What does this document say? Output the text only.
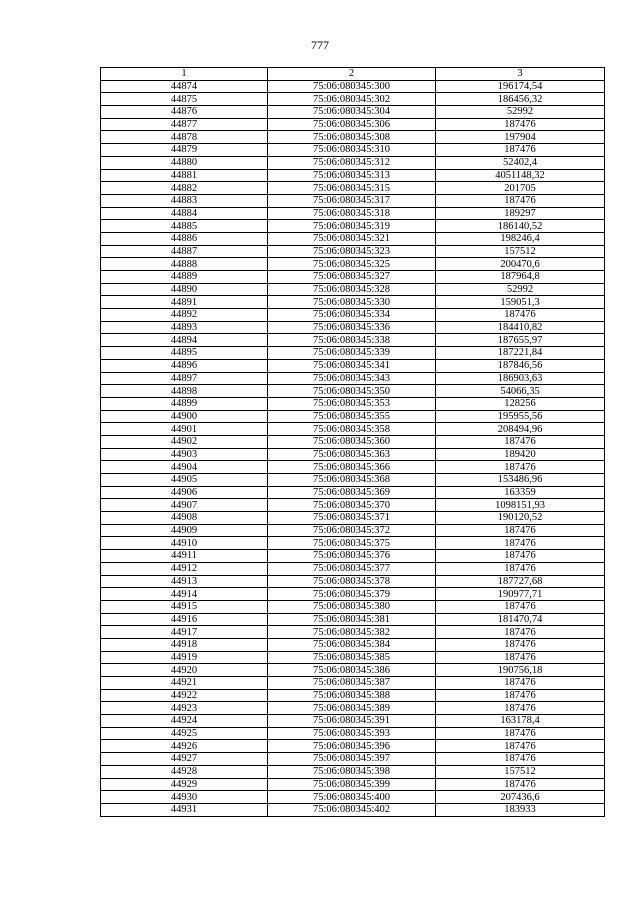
777
1	2	3
44874	75:06:080345:300	196174,54
44875	75:06:080345:302	186456,32
44876	75:06:080345:304	52992
44877	75:06:080345:306	187476
44878	75:06:080345:308	197904
44879	75:06:080345:310	187476
44880	75:06:080345:312	52402,4
44881	75:06:080345:313	4051148,32
44882	75:06:080345:315	201705
44883	75:06:080345:317	187476
44884	75:06:080345:318	189297
44885	75:06:080345:319	186140,52
44886	75:06:080345:321	198246,4
44887	75:06:080345:323	157512
44888	75:06:080345:325	200470,6
44889	75:06:080345:327	187964,8
44890	75:06:080345:328	52992
44891	75:06:080345:330	159051,3
44892	75:06:080345:334	187476
44893	75:06:080345:336	184410,82
44894	75:06:080345:338	187655,97
44895	75:06:080345:339	187221,84
44896	75:06:080345:341	187846,56
44897	75:06:080345:343	186903,63
44898	75:06:080345:350	54066,35
44899	75:06:080345:353	128256
44900	75:06:080345:355	195955,56
44901	75:06:080345:358	208494,96
44902	75:06:080345:360	187476
44903	75:06:080345:363	189420
44904	75:06:080345:366	187476
44905	75:06:080345:368	153486,96
44906	75:06:080345:369	163359
44907	75:06:080345:370	1098151,93
44908	75:06:080345:371	190120,52
44909	75:06:080345:372	187476
44910	75:06:080345:375	187476
44911	75:06:080345:376	187476
44912	75:06:080345:377	187476
44913	75:06:080345:378	187727,68
44914	75:06:080345:379	190977,71
44915	75:06:080345:380	187476
44916	75:06:080345:381	181470,74
44917	75:06:080345:382	187476
44918	75:06:080345:384	187476
44919	75:06:080345:385	187476
44920	75:06:080345:386	190756,18
44921	75:06:080345:387	187476
44922	75:06:080345:388	187476
44923	75:06:080345:389	187476
44924	75:06:080345:391	163178,4
44925	75:06:080345:393	187476
44926	75:06:080345:396	187476
44927	75:06:080345:397	187476
44928	75:06:080345:398	157512
44929	75:06:080345:399	187476
44930	75:06:080345:400	207436,6
44931	75:06:080345:402	183933
